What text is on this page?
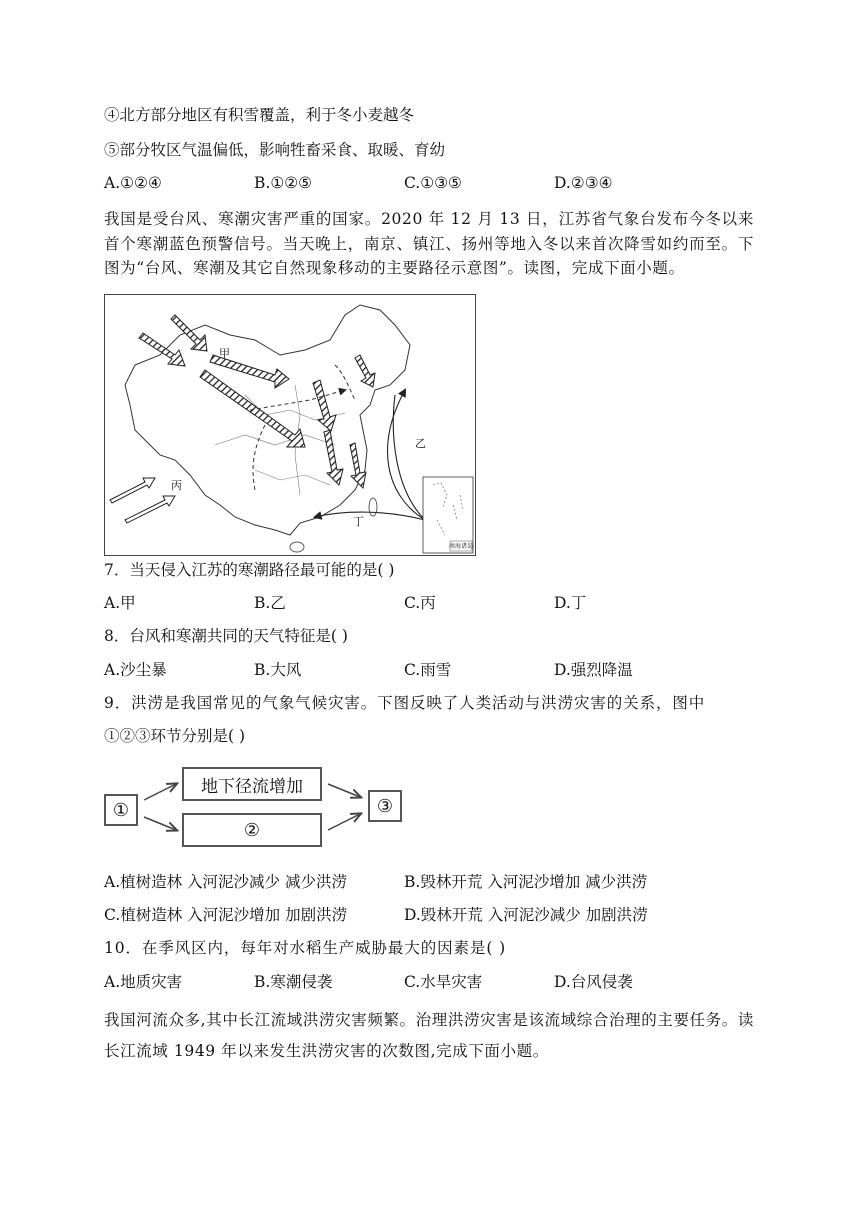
④北方部分地区有积雪覆盖，利于冬小麦越冬
⑤部分牧区气温偏低，影响牲畜采食、取暖、育幼
A.①②④	B.①②⑤	C.①③⑤	D.②③④
我国是受台风、寒潮灾害严重的国家。2020 年 12 月 13 日，江苏省气象台发布今冬以来首个寒潮蓝色预警信号。当天晚上，南京、镇江、扬州等地入冬以来首次降雪如约而至。下图为“台风、寒潮及其它自然现象移动的主要路径示意图”。读图，完成下面小题。
甲
乙
丙
丁
南海诸岛
7．当天侵入江苏的寒潮路径最可能的是( )
A.甲	B.乙	C.丙	D.丁
8．台风和寒潮共同的天气特征是( )
A.沙尘暴	B.大风	C.雨雪	D.强烈降温
9．洪涝是我国常见的气象气候灾害。下图反映了人类活动与洪涝灾害的关系，图中
①②③环节分别是( )
①
地下径流增加
②
③
A.植树造林 入河泥沙减少 减少洪涝	B.毁林开荒 入河泥沙增加 减少洪涝
C.植树造林 入河泥沙增加 加剧洪涝	D.毁林开荒 入河泥沙减少 加剧洪涝
10．在季风区内，每年对水稻生产威胁最大的因素是( )
A.地质灾害	B.寒潮侵袭	C.水旱灾害	D.台风侵袭
我国河流众多,其中长江流域洪涝灾害频繁。治理洪涝灾害是该流域综合治理的主要任务。读长江流域 1949 年以来发生洪涝灾害的次数图,完成下面小题。
